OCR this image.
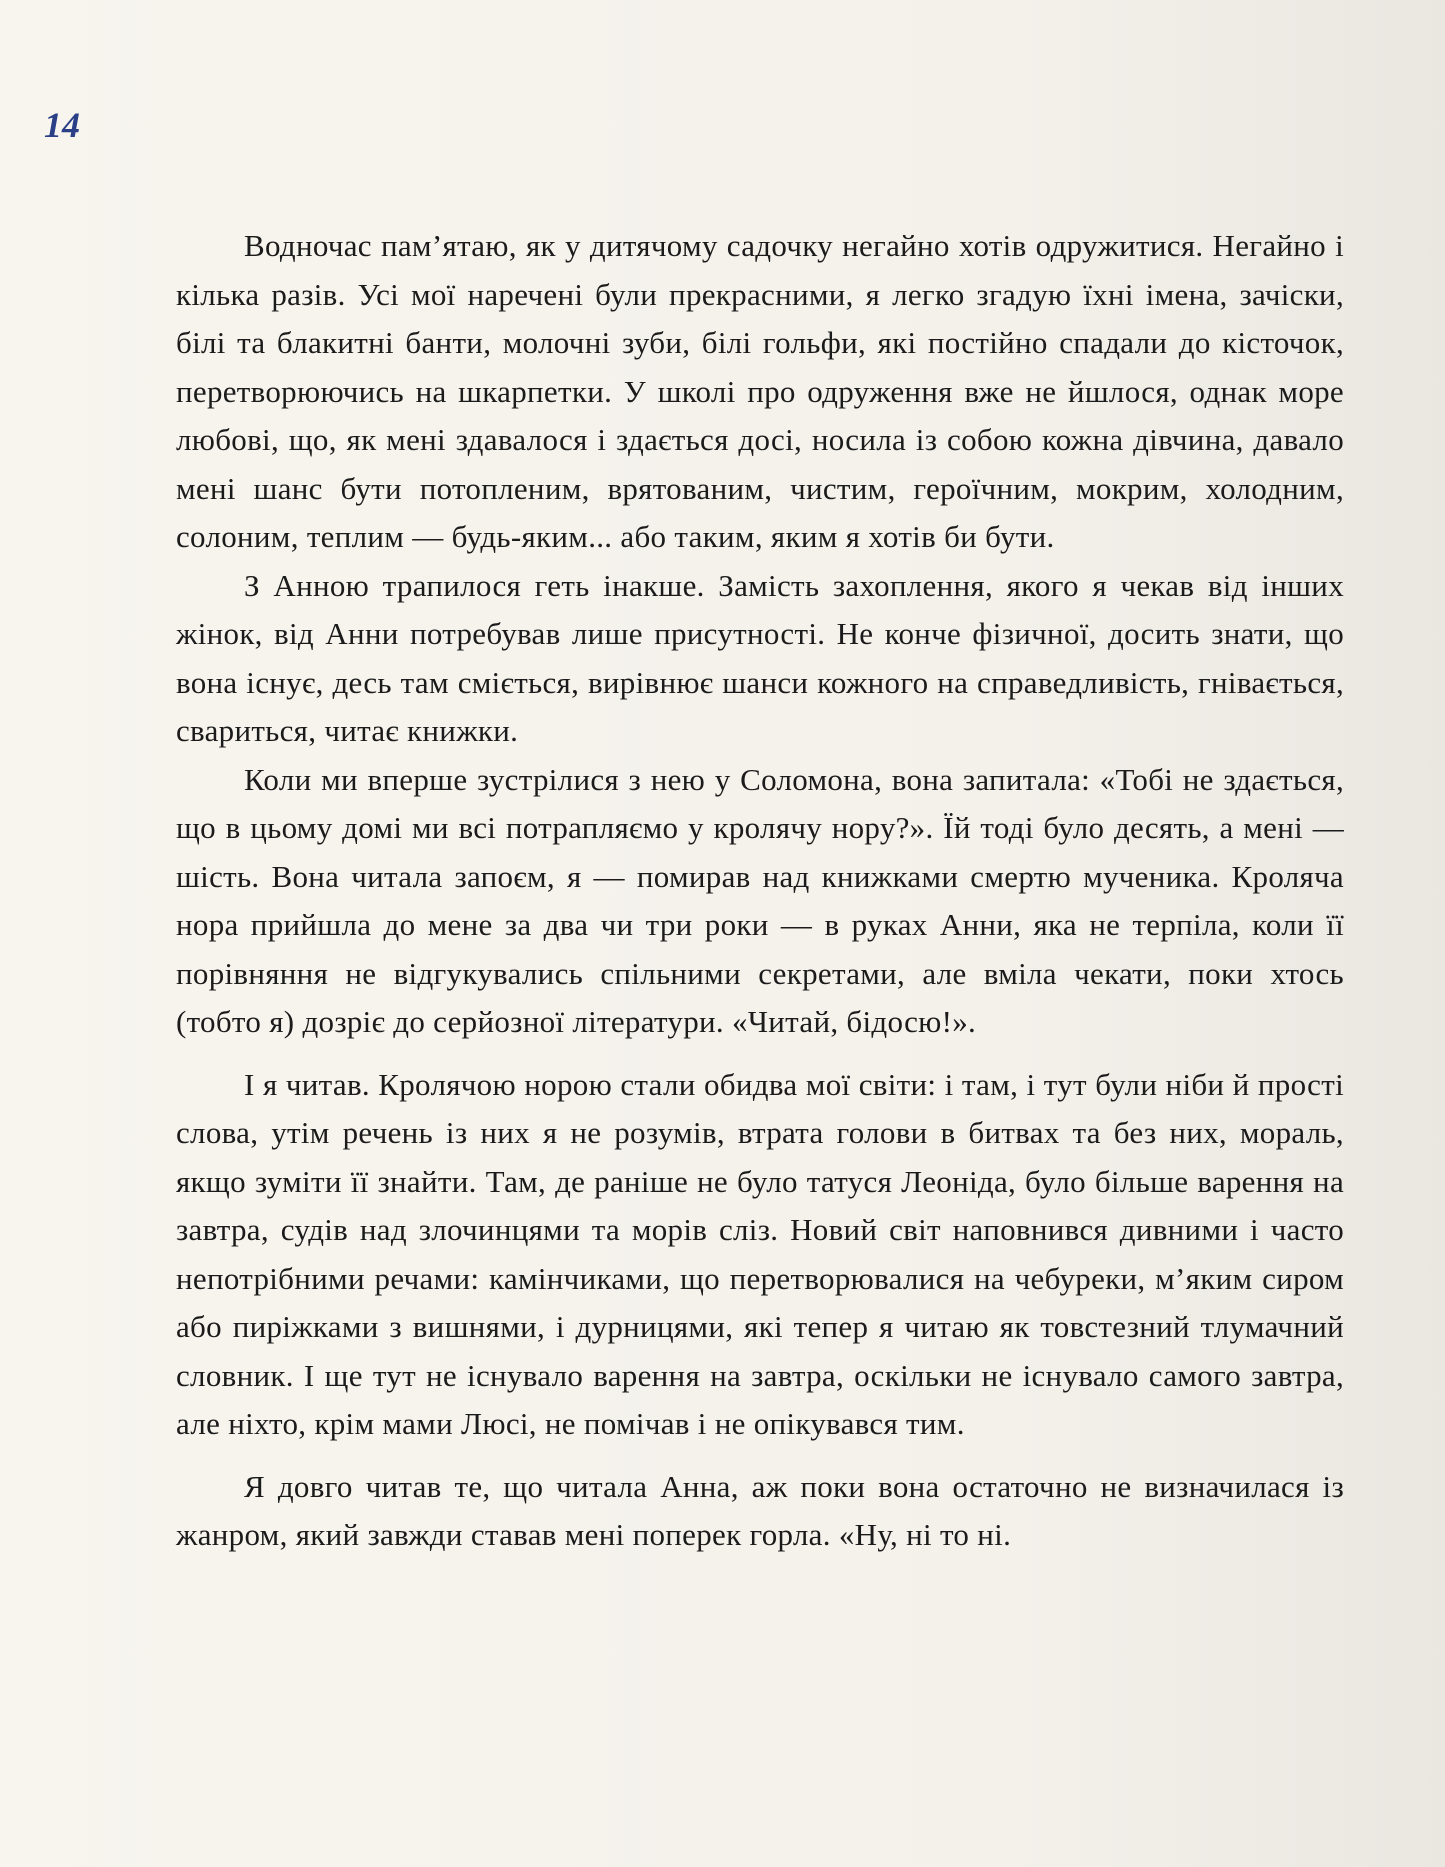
14

Водночас пам’ятаю, як у дитячому садочку негайно хотів одружитися. Негайно і кілька разів. Усі мої наречені були прекрасними, я легко згадую їхні імена, зачіски, білі та блакитні банти, молочні зуби, білі гольфи, які постійно спадали до кісточок, перетворюючись на шкарпетки. У школі про одруження вже не йшлося, однак море любові, що, як мені здавалося і здається досі, носила із собою кожна дівчина, давало мені шанс бути потопленим, врятованим, чистим, героїчним, мокрим, холодним, солоним, теплим — будь-яким... або таким, яким я хотів би бути.

З Анною трапилося геть інакше. Замість захоплення, якого я чекав від інших жінок, від Анни потребував лише присутності. Не конче фізичної, досить знати, що вона існує, десь там сміється, вирівнює шанси кожного на справедливість, гнівається, свариться, читає книжки.

Коли ми вперше зустрілися з нею у Соломона, вона запитала: «Тобі не здається, що в цьому домі ми всі потрапляємо у кролячу нору?». Їй тоді було десять, а мені — шість. Вона читала запоєм, я — помирав над книжками смертю мученика. Кроляча нора прийшла до мене за два чи три роки — в руках Анни, яка не терпіла, коли її порівняння не відгукувались спільними секретами, але вміла чекати, поки хтось (тобто я) дозріє до серйозної літератури. «Читай, бідосю!».

І я читав. Кролячою норою стали обидва мої світи: і там, і тут були ніби й прості слова, утім речень із них я не розумів, втрата голови в битвах та без них, мораль, якщо зуміти її знайти. Там, де раніше не було татуся Леоніда, було більше варення на завтра, судів над злочинцями та морів сліз. Новий світ наповнився дивними і часто непотрібними речами: камінчиками, що перетворювалися на чебуреки, м’яким сиром або пиріжками з вишнями, і дурницями, які тепер я читаю як товстезний тлумачний словник. І ще тут не існувало варення на завтра, оскільки не існувало самого завтра, але ніхто, крім мами Люсі, не помічав і не опікувався тим.

Я довго читав те, що читала Анна, аж поки вона остаточно не визначилася із жанром, який завжди ставав мені поперек горла. «Ну, ні то ні.
